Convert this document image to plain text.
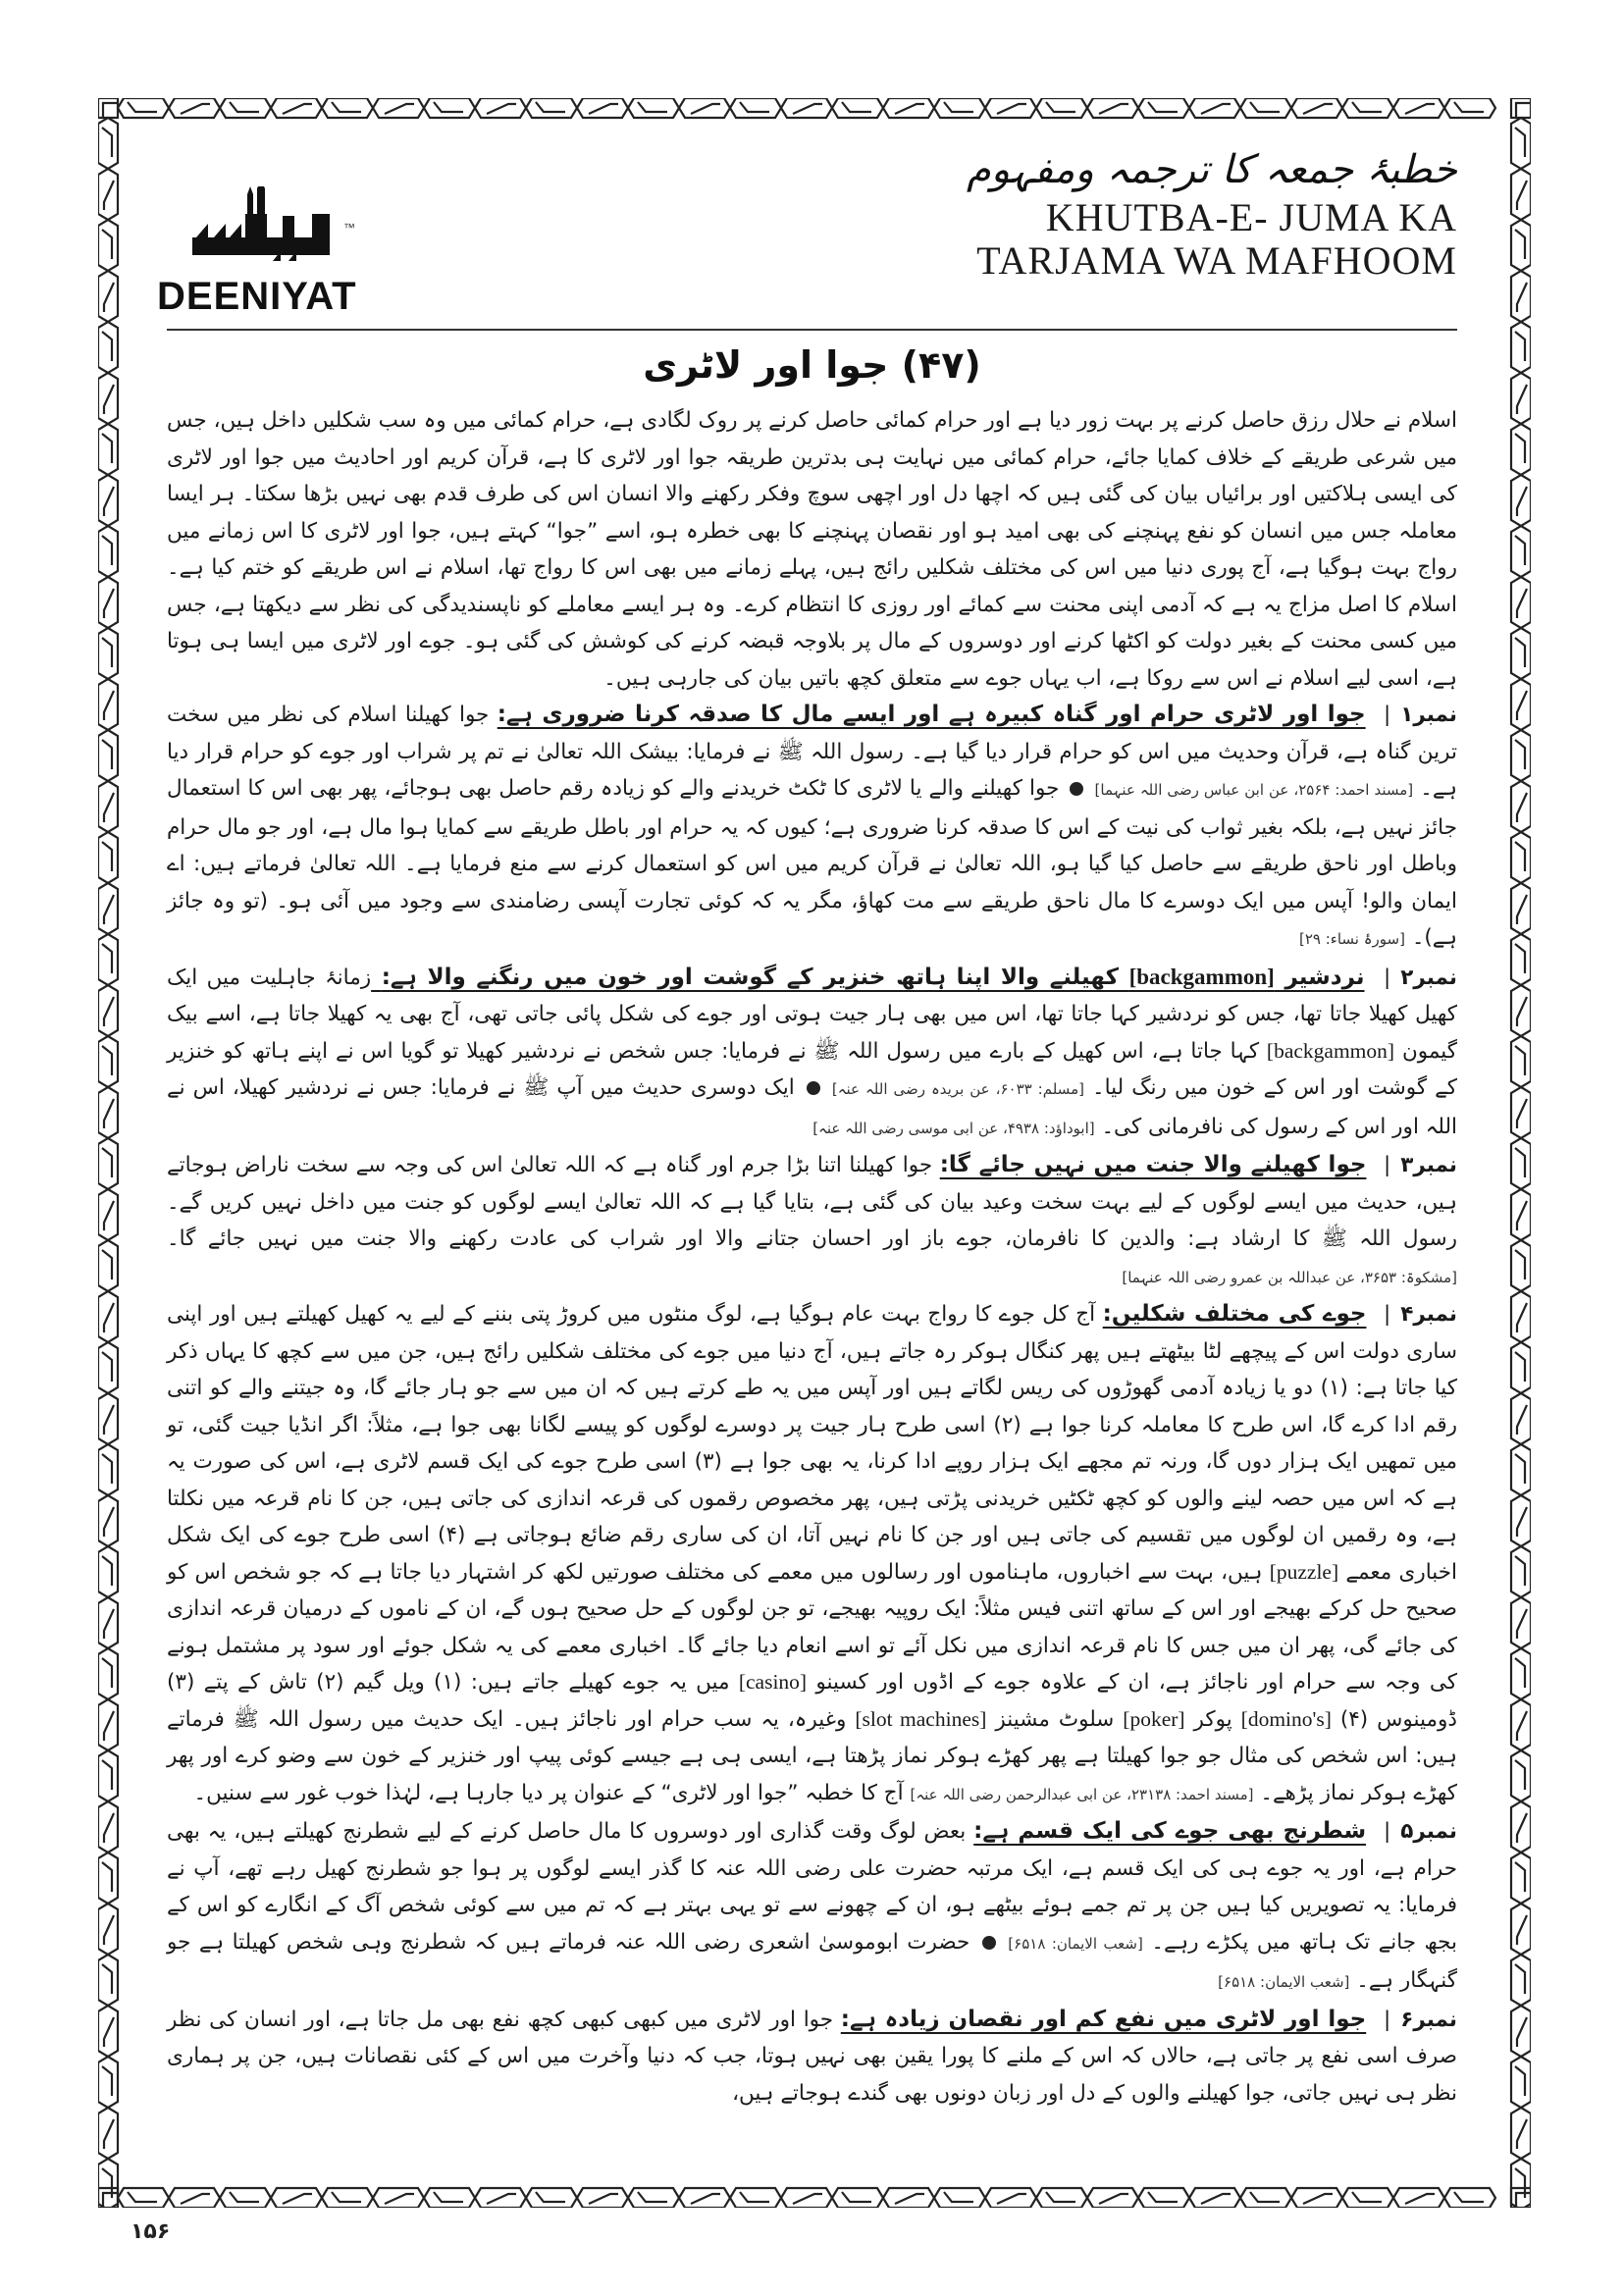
™
DEENIYAT
خطبۂ جمعہ کا ترجمہ ومفہوم
KHUTBA-E- JUMA KA
TARJAMA WA MAFHOOM
(۴۷) جوا اور لاٹری

اسلام نے حلال رزق حاصل کرنے پر بہت زور دیا ہے اور حرام کمائی حاصل کرنے پر روک لگادی ہے، حرام کمائی میں وہ سب شکلیں داخل ہیں، جس میں شرعی طریقے کے خلاف کمایا جائے، حرام کمائی میں نہایت ہی بدترین طریقہ جوا اور لاٹری کا ہے، قرآن کریم اور احادیث میں جوا اور لاٹری کی ایسی ہلاکتیں اور برائیاں بیان کی گئی ہیں کہ اچھا دل اور اچھی سوچ وفکر رکھنے والا انسان اس کی طرف قدم بھی نہیں بڑھا سکتا۔ ہر ایسا معاملہ جس میں انسان کو نفع پہنچنے کی بھی امید ہو اور نقصان پہنچنے کا بھی خطرہ ہو، اسے ”جوا“ کہتے ہیں، جوا اور لاٹری کا اس زمانے میں رواج بہت ہوگیا ہے، آج پوری دنیا میں اس کی مختلف شکلیں رائج ہیں، پہلے زمانے میں بھی اس کا رواج تھا، اسلام نے اس طریقے کو ختم کیا ہے۔ اسلام کا اصل مزاج یہ ہے کہ آدمی اپنی محنت سے کمائے اور روزی کا انتظام کرے۔ وہ ہر ایسے معاملے کو ناپسندیدگی کی نظر سے دیکھتا ہے، جس میں کسی محنت کے بغیر دولت کو اکٹھا کرنے اور دوسروں کے مال پر بلاوجہ قبضہ کرنے کی کوشش کی گئی ہو۔ جوے اور لاٹری میں ایسا ہی ہوتا ہے، اسی لیے اسلام نے اس سے روکا ہے، اب یہاں جوے سے متعلق کچھ باتیں بیان کی جارہی ہیں۔

نمبر۱| جوا اور لاٹری حرام اور گناہ کبیرہ ہے اور ایسے مال کا صدقہ کرنا ضروری ہے: جوا کھیلنا اسلام کی نظر میں سخت ترین گناہ ہے، قرآن وحدیث میں اس کو حرام قرار دیا گیا ہے۔ رسول اللہ ﷺ نے فرمایا: بیشک اللہ تعالیٰ نے تم پر شراب اور جوے کو حرام قرار دیا ہے۔ [مسند احمد: ۲۵۶۴، عن ابن عباس رضی اللہ عنہما]  جوا کھیلنے والے یا لاٹری کا ٹکٹ خریدنے والے کو زیادہ رقم حاصل بھی ہوجائے، پھر بھی اس کا استعمال جائز نہیں ہے، بلکہ بغیر ثواب کی نیت کے اس کا صدقہ کرنا ضروری ہے؛ کیوں کہ یہ حرام اور باطل طریقے سے کمایا ہوا مال ہے، اور جو مال حرام وباطل اور ناحق طریقے سے حاصل کیا گیا ہو، اللہ تعالیٰ نے قرآن کریم میں اس کو استعمال کرنے سے منع فرمایا ہے۔ اللہ تعالیٰ فرماتے ہیں: اے ایمان والو! آپس میں ایک دوسرے کا مال ناحق طریقے سے مت کھاؤ، مگر یہ کہ کوئی تجارت آپسی رضامندی سے وجود میں آئی ہو۔ (تو وہ جائز ہے)۔ [سورۂ نساء: ۲۹]

نمبر۲| نردشیر [backgammon] کھیلنے والا اپنا ہاتھ خنزیر کے گوشت اور خون میں رنگنے والا ہے: زمانۂ جاہلیت میں ایک کھیل کھیلا جاتا تھا، جس کو نردشیر کہا جاتا تھا، اس میں بھی ہار جیت ہوتی اور جوے کی شکل پائی جاتی تھی، آج بھی یہ کھیلا جاتا ہے، اسے بیک گیمون [backgammon] کہا جاتا ہے، اس کھیل کے بارے میں رسول اللہ ﷺ نے فرمایا: جس شخص نے نردشیر کھیلا تو گویا اس نے اپنے ہاتھ کو خنزیر کے گوشت اور اس کے خون میں رنگ لیا۔ [مسلم: ۶۰۳۳، عن بریدہ رضی اللہ عنہ]  ایک دوسری حدیث میں آپ ﷺ نے فرمایا: جس نے نردشیر کھیلا، اس نے اللہ اور اس کے رسول کی نافرمانی کی۔ [ابوداؤد: ۴۹۳۸، عن ابی موسی رضی اللہ عنہ]

نمبر۳| جوا کھیلنے والا جنت میں نہیں جائے گا: جوا کھیلنا اتنا بڑا جرم اور گناہ ہے کہ اللہ تعالیٰ اس کی وجہ سے سخت ناراض ہوجاتے ہیں، حدیث میں ایسے لوگوں کے لیے بہت سخت وعید بیان کی گئی ہے، بتایا گیا ہے کہ اللہ تعالیٰ ایسے لوگوں کو جنت میں داخل نہیں کریں گے۔ رسول اللہ ﷺ کا ارشاد ہے: والدین کا نافرمان، جوے باز اور احسان جتانے والا اور شراب کی عادت رکھنے والا جنت میں نہیں جائے گا۔ [مشکوۃ: ۳۶۵۳، عن عبداللہ بن عمرو رضی اللہ عنہما]

نمبر۴| جوے کی مختلف شکلیں: آج کل جوے کا رواج بہت عام ہوگیا ہے، لوگ منٹوں میں کروڑ پتی بننے کے لیے یہ کھیل کھیلتے ہیں اور اپنی ساری دولت اس کے پیچھے لٹا بیٹھتے ہیں پھر کنگال ہوکر رہ جاتے ہیں، آج دنیا میں جوے کی مختلف شکلیں رائج ہیں، جن میں سے کچھ کا یہاں ذکر کیا جاتا ہے: (۱) دو یا زیادہ آدمی گھوڑوں کی ریس لگاتے ہیں اور آپس میں یہ طے کرتے ہیں کہ ان میں سے جو ہار جائے گا، وہ جیتنے والے کو اتنی رقم ادا کرے گا، اس طرح کا معاملہ کرنا جوا ہے (۲) اسی طرح ہار جیت پر دوسرے لوگوں کو پیسے لگانا بھی جوا ہے، مثلاً: اگر انڈیا جیت گئی، تو میں تمھیں ایک ہزار دوں گا، ورنہ تم مجھے ایک ہزار روپے ادا کرنا، یہ بھی جوا ہے (۳) اسی طرح جوے کی ایک قسم لاٹری ہے، اس کی صورت یہ ہے کہ اس میں حصہ لینے والوں کو کچھ ٹکٹیں خریدنی پڑتی ہیں، پھر مخصوص رقموں کی قرعہ اندازی کی جاتی ہیں، جن کا نام قرعہ میں نکلتا ہے، وہ رقمیں ان لوگوں میں تقسیم کی جاتی ہیں اور جن کا نام نہیں آتا، ان کی ساری رقم ضائع ہوجاتی ہے (۴) اسی طرح جوے کی ایک شکل اخباری معمے [puzzle] ہیں، بہت سے اخباروں، ماہناموں اور رسالوں میں معمے کی مختلف صورتیں لکھ کر اشتہار دیا جاتا ہے کہ جو شخص اس کو صحیح حل کرکے بھیجے اور اس کے ساتھ اتنی فیس مثلاً: ایک روپیہ بھیجے، تو جن لوگوں کے حل صحیح ہوں گے، ان کے ناموں کے درمیان قرعہ اندازی کی جائے گی، پھر ان میں جس کا نام قرعہ اندازی میں نکل آئے تو اسے انعام دیا جائے گا۔ اخباری معمے کی یہ شکل جوئے اور سود پر مشتمل ہونے کی وجہ سے حرام اور ناجائز ہے، ان کے علاوہ جوے کے اڈوں اور کسینو [casino] میں یہ جوے کھیلے جاتے ہیں: (۱) ویل گیم (۲) تاش کے پتے (۳) ڈومینوس [domino's] (۴) پوکر [poker] سلوٹ مشینز [slot machines] وغیرہ، یہ سب حرام اور ناجائز ہیں۔ ایک حدیث میں رسول اللہ ﷺ فرماتے ہیں: اس شخص کی مثال جو جوا کھیلتا ہے پھر کھڑے ہوکر نماز پڑھتا ہے، ایسی ہی ہے جیسے کوئی پیپ اور خنزیر کے خون سے وضو کرے اور پھر کھڑے ہوکر نماز پڑھے۔ [مسند احمد: ۲۳۱۳۸، عن ابی عبدالرحمن رضی اللہ عنہ] آج کا خطبہ ”جوا اور لاٹری“ کے عنوان پر دیا جارہا ہے، لہٰذا خوب غور سے سنیں۔

نمبر۵| شطرنج بھی جوے کی ایک قسم ہے: بعض لوگ وقت گذاری اور دوسروں کا مال حاصل کرنے کے لیے شطرنج کھیلتے ہیں، یہ بھی حرام ہے، اور یہ جوے ہی کی ایک قسم ہے، ایک مرتبہ حضرت علی رضی اللہ عنہ کا گذر ایسے لوگوں پر ہوا جو شطرنج کھیل رہے تھے، آپ نے فرمایا: یہ تصویریں کیا ہیں جن پر تم جمے ہوئے بیٹھے ہو، ان کے چھونے سے تو یہی بہتر ہے کہ تم میں سے کوئی شخص آگ کے انگارے کو اس کے بجھ جانے تک ہاتھ میں پکڑے رہے۔ [شعب الایمان: ۶۵۱۸]  حضرت ابوموسیٰ اشعری رضی اللہ عنہ فرماتے ہیں کہ شطرنج وہی شخص کھیلتا ہے جو گنہگار ہے۔ [شعب الایمان: ۶۵۱۸]

نمبر۶| جوا اور لاٹری میں نفع کم اور نقصان زیادہ ہے: جوا اور لاٹری میں کبھی کبھی کچھ نفع بھی مل جاتا ہے، اور انسان کی نظر صرف اسی نفع پر جاتی ہے، حالاں کہ اس کے ملنے کا پورا یقین بھی نہیں ہوتا، جب کہ دنیا وآخرت میں اس کے کئی نقصانات ہیں، جن پر ہماری نظر ہی نہیں جاتی، جوا کھیلنے والوں کے دل اور زبان دونوں بھی گندے ہوجاتے ہیں،

۱۵۶
